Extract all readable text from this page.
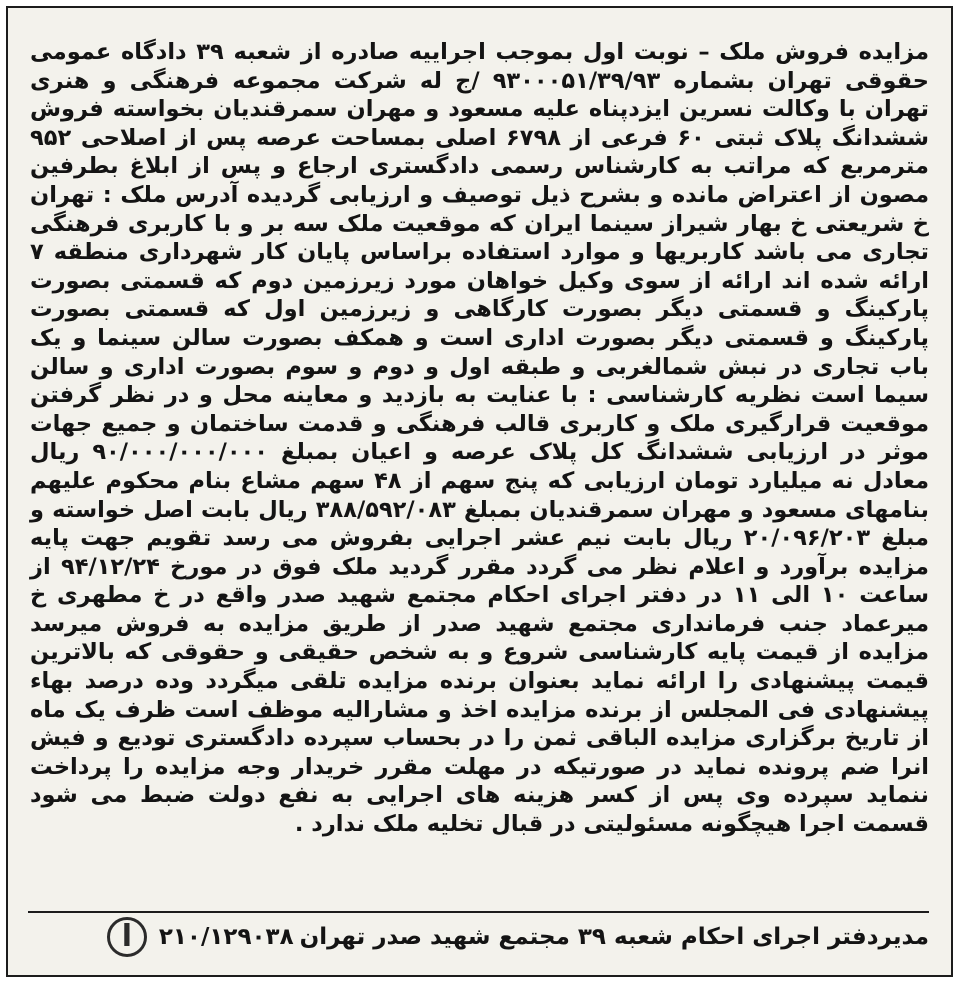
مزایده فروش ملک – نوبت اول بموجب اجراییه صادره از شعبه ۳۹ دادگاه عمومی حقوقی تهران بشماره ۹۳۰۰۰۵۱/۳۹/۹۳ /ج له شرکت مجموعه فرهنگی و هنری تهران با وکالت نسرین ایزدپناه علیه مسعود و مهران سمرقندیان بخواسته فروش ششدانگ پلاک ثبتی ۶۰ فرعی از ۶۷۹۸ اصلی بمساحت عرصه پس از اصلاحی ۹۵۲ مترمربع که مراتب به کارشناس رسمی دادگستری ارجاع و پس از ابلاغ بطرفین مصون از اعتراض مانده و بشرح ذیل توصیف و ارزیابی گردیده آدرس ملک : تهران خ شریعتی خ بهار شیراز سینما ایران که موقعیت ملک سه بر و با کاربری فرهنگی تجاری می باشد کاربریها و موارد استفاده براساس پایان کار شهرداری منطقه ۷ ارائه شده اند ارائه از سوی وکیل خواهان مورد زیرزمین دوم که قسمتی بصورت پارکینگ و قسمتی دیگر بصورت کارگاهی و زیرزمین اول که قسمتی بصورت پارکینگ و قسمتی دیگر بصورت اداری است و همکف بصورت سالن سینما و یک باب تجاری در نبش شمالغربی و طبقه اول و دوم و سوم بصورت اداری و سالن سیما است نظریه کارشناسی : با عنایت به بازدید و معاینه محل و در نظر گرفتن موقعیت قرارگیری ملک و کاربری قالب فرهنگی و قدمت ساختمان و جمیع جهات موثر در ارزیابی ششدانگ کل پلاک عرصه و اعیان بمبلغ ۹۰/۰۰۰/۰۰۰/۰۰۰ ریال معادل نه میلیارد تومان ارزیابی که پنج سهم از ۴۸ سهم مشاع بنام محکوم علیهم بنامهای مسعود و مهران سمرقندیان بمبلغ ۳۸۸/۵۹۲/۰۸۳ ریال بابت اصل خواسته و مبلغ ۲۰/۰۹۶/۲۰۳ ریال بابت نیم عشر اجرایی بفروش می رسد تقویم جهت پایه مزایده برآورد و اعلام نظر می گردد مقرر گردید ملک فوق در مورخ ۹۴/۱۲/۲۴ از ساعت ۱۰ الی ۱۱ در دفتر اجرای احکام مجتمع شهید صدر واقع در خ مطهری خ میرعماد جنب فرمانداری مجتمع شهید صدر از طریق مزایده به فروش میرسد مزایده از قیمت پایه کارشناسی شروع و به شخص حقیقی و حقوقی که بالاترین قیمت پیشنهادی را ارائه نماید بعنوان برنده مزایده تلقی میگردد وده درصد بهاء پیشنهادی فی المجلس از برنده مزایده اخذ و مشارالیه موظف است ظرف یک ماه از تاریخ برگزاری مزایده الباقی ثمن را در بحساب سپرده دادگستری توديع و فیش انرا ضم پرونده نماید در صورتیکه در مهلت مقرر خریدار وجه مزایده را پرداخت ننماید سپرده وی پس از کسر هزینه های اجرایی به نفع دولت ضبط می شود قسمت اجرا هیچگونه مسئولیتی در قبال تخلیه ملک ندارد .

مدیردفتر اجرای احکام شعبه ۳۹ مجتمع شهید صدر تهران
۲۱۰/۱۲۹۰۳۸
ا
